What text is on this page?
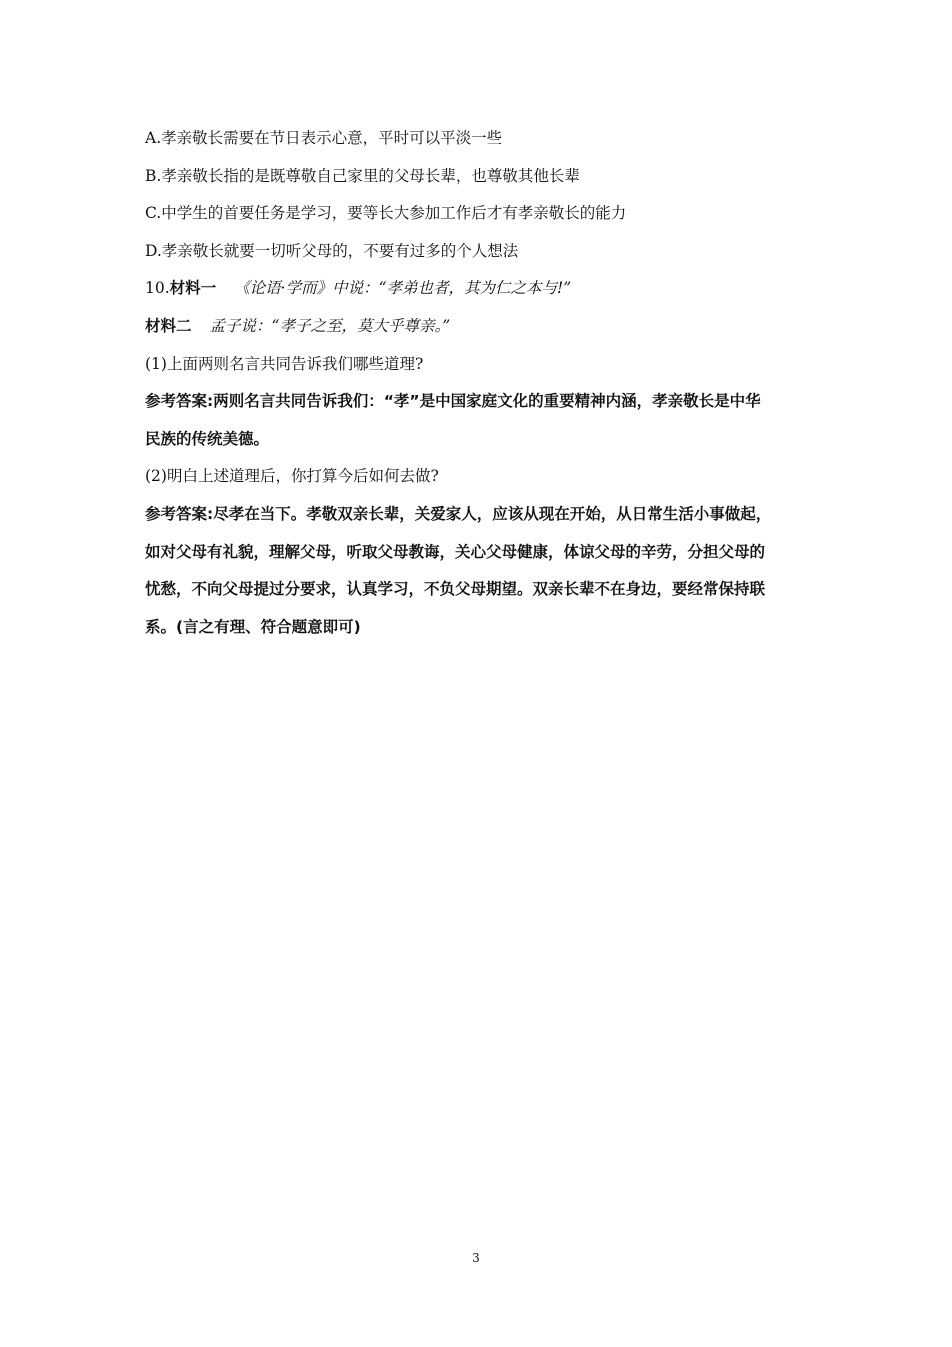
A.孝亲敬长需要在节日表示心意，平时可以平淡一些
B.孝亲敬长指的是既尊敬自己家里的父母长辈，也尊敬其他长辈
C.中学生的首要任务是学习，要等长大参加工作后才有孝亲敬长的能力
D.孝亲敬长就要一切听父母的，不要有过多的个人想法
10.材料一 《论语·学而》中说：“孝弟也者，其为仁之本与!”
材料二 孟子说：“孝子之至，莫大乎尊亲。”
(1)上面两则名言共同告诉我们哪些道理?
参考答案:两则名言共同告诉我们：“孝”是中国家庭文化的重要精神内涵，孝亲敬长是中华
民族的传统美德。
(2)明白上述道理后，你打算今后如何去做?
参考答案:尽孝在当下。孝敬双亲长辈，关爱家人，应该从现在开始，从日常生活小事做起，
如对父母有礼貌，理解父母，听取父母教诲，关心父母健康，体谅父母的辛劳，分担父母的
忧愁，不向父母提过分要求，认真学习，不负父母期望。双亲长辈不在身边，要经常保持联
系。(言之有理、符合题意即可)
3
